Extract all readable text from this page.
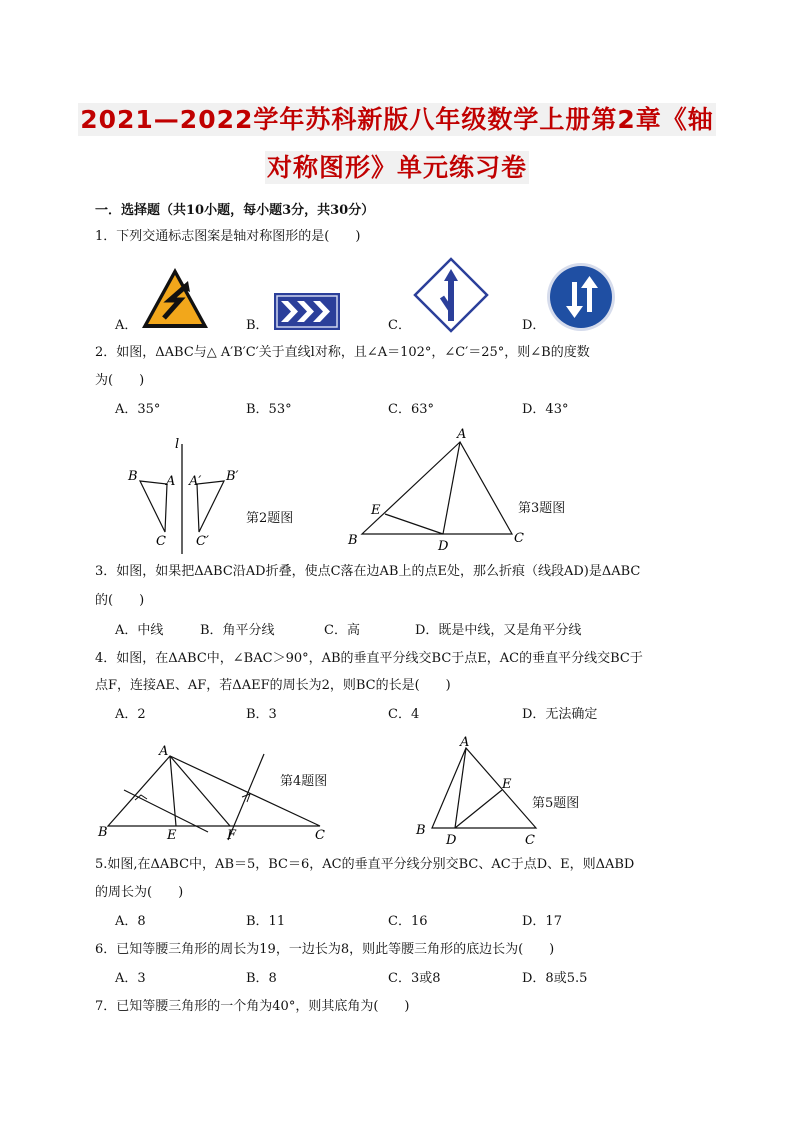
2021—2022学年苏科新版八年级数学上册第2章《轴
对称图形》单元练习卷
一．选择题（共10小题，每小题3分，共30分）
1．下列交通标志图案是轴对称图形的是(　　)
A．	B．	C．	D．
2．如图，ΔABC与△ A′B′C′关于直线l对称，且∠A＝102°，∠C′＝25°，则∠B的度数
为(　　)
A．35°	B．53°	C．63°	D．43°
l
B A
C
A′ B′
C′
第2题图
A
E
B	D
C
第3题图
3．如图，如果把ΔABC沿AD折叠，使点C落在边AB上的点E处，那么折痕（线段AD)是ΔABC
的(　　)
A．中线	B．角平分线	C．高	D．既是中线，又是角平分线
4．如图，在ΔABC中，∠BAC＞90°，AB的垂直平分线交BC于点E，AC的垂直平分线交BC于
点F，连接AE、AF，若ΔAEF的周长为2，则BC的长是(　　)
A．2	B．3	C．4	D．无法确定
A
B	E	F	C
第4题图
A
E
B
D	C
第5题图
5.如图,在ΔABC中，AB＝5，BC＝6，AC的垂直平分线分别交BC、AC于点D、E，则ΔABD
的周长为(　　)
A．8	B．11	C．16	D．17
6．已知等腰三角形的周长为19，一边长为8，则此等腰三角形的底边长为(　　)
A．3	B．8	C．3或8	D．8或5.5
7．已知等腰三角形的一个角为40°，则其底角为(　　)
